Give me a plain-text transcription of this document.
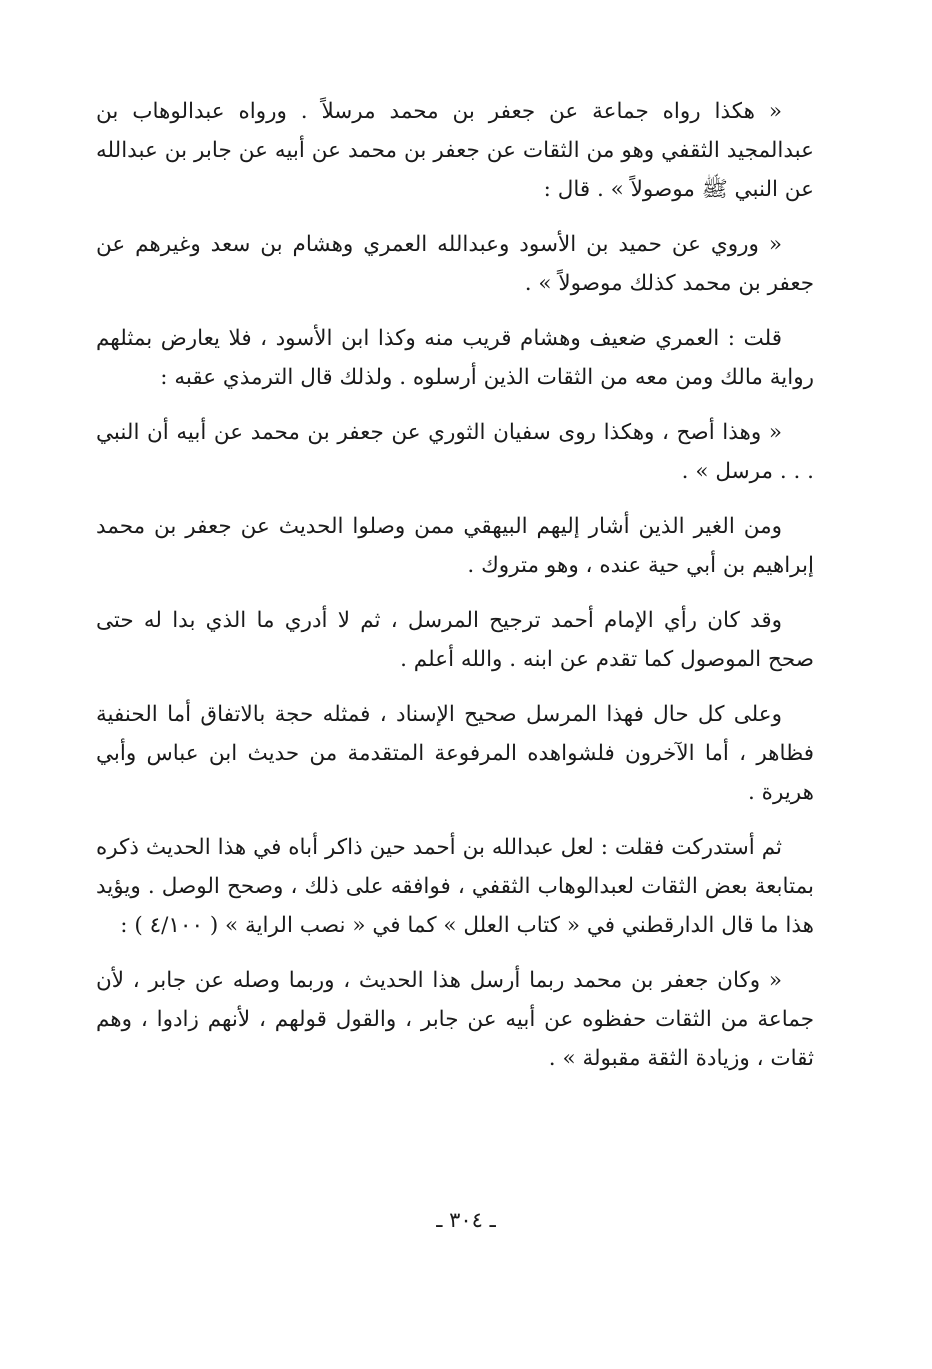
« هكذا رواه جماعة عن جعفر بن محمد مرسلاً . ورواه عبدالوهاب بن عبدالمجيد الثقفي وهو من الثقات عن جعفر بن محمد عن أبيه عن جابر بن عبدالله عن النبي ﷺ موصولاً » . قال :

« وروي عن حميد بن الأسود وعبدالله العمري وهشام بن سعد وغيرهم عن جعفر بن محمد كذلك موصولاً » .

قلت : العمري ضعيف وهشام قريب منه وكذا ابن الأسود ، فلا يعارض بمثلهم رواية مالك ومن معه من الثقات الذين أرسلوه . ولذلك قال الترمذي عقبه :

« وهذا أصح ، وهكذا روى سفيان الثوري عن جعفر بن محمد عن أبيه أن النبي . . . مرسل » .

ومن الغير الذين أشار إليهم البيهقي ممن وصلوا الحديث عن جعفر بن محمد إبراهيم بن أبي حية عنده ، وهو متروك .

وقد كان رأي الإمام أحمد ترجيح المرسل ، ثم لا أدري ما الذي بدا له حتى صحح الموصول كما تقدم عن ابنه . والله أعلم .

وعلى كل حال فهذا المرسل صحيح الإسناد ، فمثله حجة بالاتفاق أما الحنفية فظاهر ، أما الآخرون فلشواهده المرفوعة المتقدمة من حديث ابن عباس وأبي هريرة .

ثم أستدركت فقلت : لعل عبدالله بن أحمد حين ذاكر أباه في هذا الحديث ذكره بمتابعة بعض الثقات لعبدالوهاب الثقفي ، فوافقه على ذلك ، وصحح الوصل . ويؤيد هذا ما قال الدارقطني في « كتاب العلل » كما في « نصب الراية » ( ٤/١٠٠ ) :

« وكان جعفر بن محمد ربما أرسل هذا الحديث ، وربما وصله عن جابر ، لأن جماعة من الثقات حفظوه عن أبيه عن جابر ، والقول قولهم ، لأنهم زادوا ، وهم ثقات ، وزيادة الثقة مقبولة » .

ـ ٣٠٤ ـ
